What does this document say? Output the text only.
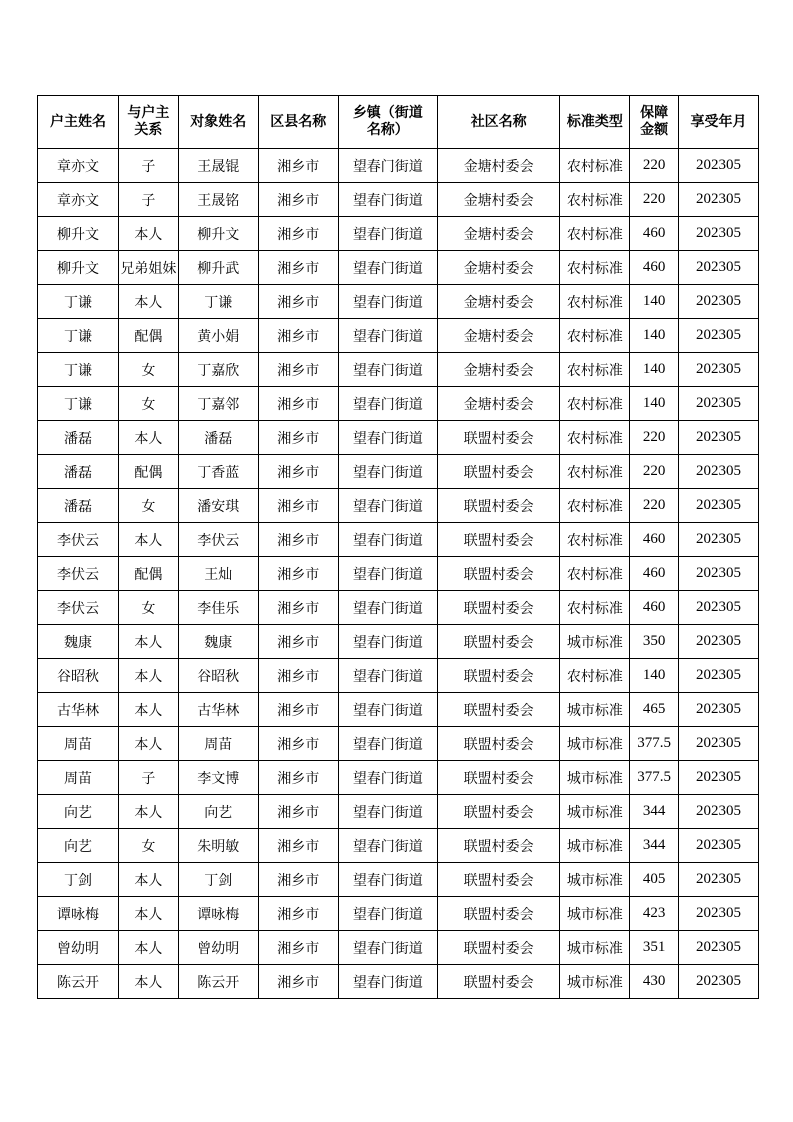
户主姓名	与户主关系	对象姓名	区县名称	乡镇（街道名称）	社区名称	标准类型	保障金额	享受年月
章亦文	子	王晟锟	湘乡市	望春门街道	金塘村委会	农村标准	220	202305
章亦文	子	王晟铭	湘乡市	望春门街道	金塘村委会	农村标准	220	202305
柳升文	本人	柳升文	湘乡市	望春门街道	金塘村委会	农村标准	460	202305
柳升文	兄弟姐妹	柳升武	湘乡市	望春门街道	金塘村委会	农村标准	460	202305
丁谦	本人	丁谦	湘乡市	望春门街道	金塘村委会	农村标准	140	202305
丁谦	配偶	黄小娟	湘乡市	望春门街道	金塘村委会	农村标准	140	202305
丁谦	女	丁嘉欣	湘乡市	望春门街道	金塘村委会	农村标准	140	202305
丁谦	女	丁嘉邻	湘乡市	望春门街道	金塘村委会	农村标准	140	202305
潘磊	本人	潘磊	湘乡市	望春门街道	联盟村委会	农村标准	220	202305
潘磊	配偶	丁香蓝	湘乡市	望春门街道	联盟村委会	农村标准	220	202305
潘磊	女	潘安琪	湘乡市	望春门街道	联盟村委会	农村标准	220	202305
李伏云	本人	李伏云	湘乡市	望春门街道	联盟村委会	农村标准	460	202305
李伏云	配偶	王灿	湘乡市	望春门街道	联盟村委会	农村标准	460	202305
李伏云	女	李佳乐	湘乡市	望春门街道	联盟村委会	农村标准	460	202305
魏康	本人	魏康	湘乡市	望春门街道	联盟村委会	城市标准	350	202305
谷昭秋	本人	谷昭秋	湘乡市	望春门街道	联盟村委会	农村标准	140	202305
古华林	本人	古华林	湘乡市	望春门街道	联盟村委会	城市标准	465	202305
周苗	本人	周苗	湘乡市	望春门街道	联盟村委会	城市标准	377.5	202305
周苗	子	李文博	湘乡市	望春门街道	联盟村委会	城市标准	377.5	202305
向艺	本人	向艺	湘乡市	望春门街道	联盟村委会	城市标准	344	202305
向艺	女	朱明敏	湘乡市	望春门街道	联盟村委会	城市标准	344	202305
丁剑	本人	丁剑	湘乡市	望春门街道	联盟村委会	城市标准	405	202305
谭咏梅	本人	谭咏梅	湘乡市	望春门街道	联盟村委会	城市标准	423	202305
曾幼明	本人	曾幼明	湘乡市	望春门街道	联盟村委会	城市标准	351	202305
陈云开	本人	陈云开	湘乡市	望春门街道	联盟村委会	城市标准	430	202305
